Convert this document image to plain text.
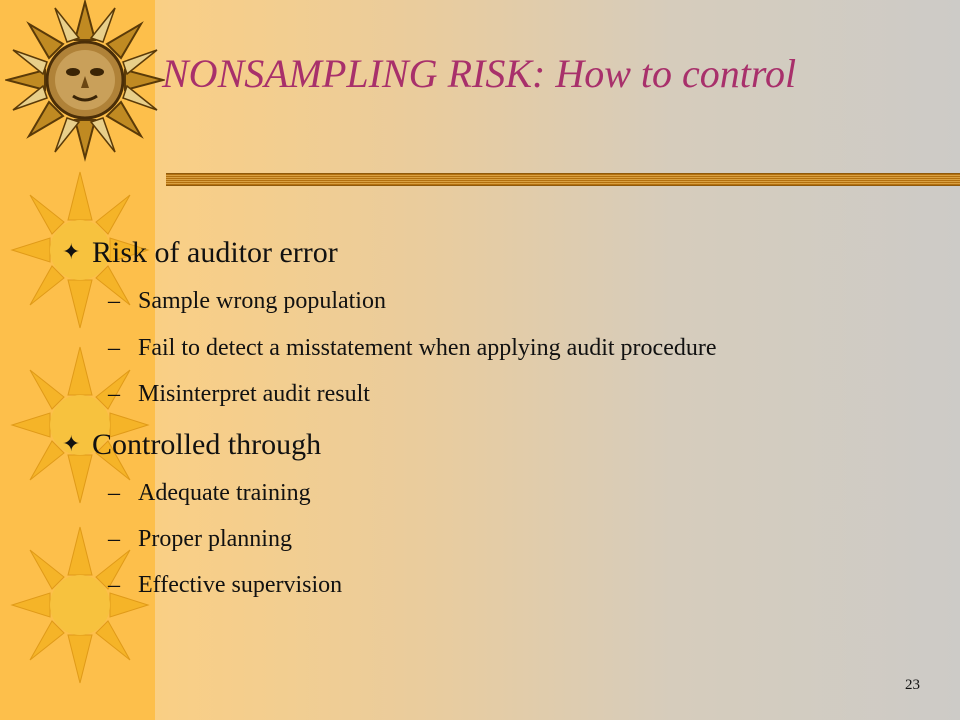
NONSAMPLING RISK: How to control
✦ Risk of auditor error
– Sample wrong population
– Fail to detect a misstatement when applying audit procedure
– Misinterpret audit result
✦ Controlled through
– Adequate training
– Proper planning
– Effective supervision
23
